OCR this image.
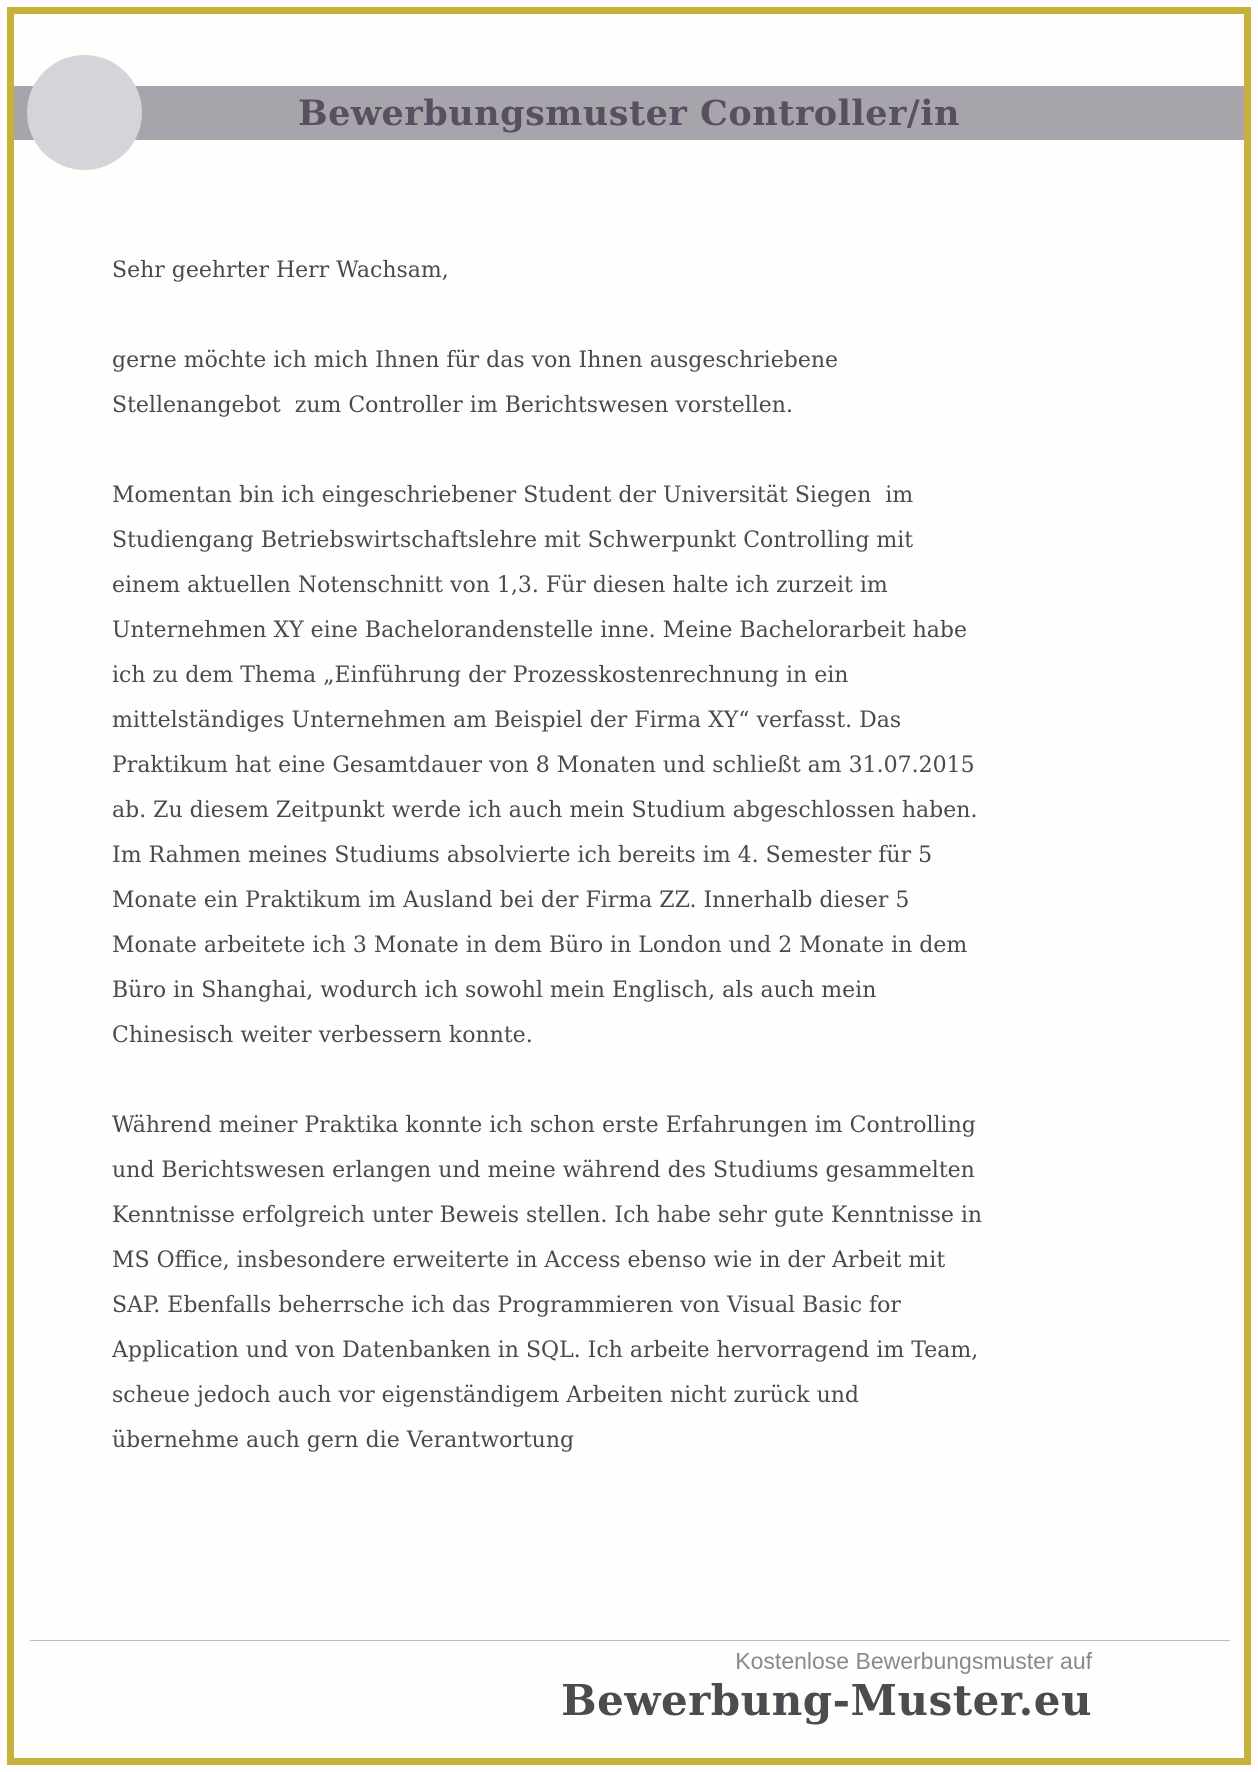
Bewerbungsmuster Controller/in

Sehr geehrter Herr Wachsam,

gerne möchte ich mich Ihnen für das von Ihnen ausgeschriebene Stellenangebot  zum Controller im Berichtswesen vorstellen.

Momentan bin ich eingeschriebener Student der Universität Siegen  im Studiengang Betriebswirtschaftslehre mit Schwerpunkt Controlling mit einem aktuellen Notenschnitt von 1,3. Für diesen halte ich zurzeit im Unternehmen XY eine Bachelorandenstelle inne. Meine Bachelorarbeit habe ich zu dem Thema „Einführung der Prozesskostenrechnung in ein mittelständiges Unternehmen am Beispiel der Firma XY“ verfasst. Das Praktikum hat eine Gesamtdauer von 8 Monaten und schließt am 31.07.2015 ab. Zu diesem Zeitpunkt werde ich auch mein Studium abgeschlossen haben.

Im Rahmen meines Studiums absolvierte ich bereits im 4. Semester für 5 Monate ein Praktikum im Ausland bei der Firma ZZ. Innerhalb dieser 5 Monate arbeitete ich 3 Monate in dem Büro in London und 2 Monate in dem Büro in Shanghai, wodurch ich sowohl mein Englisch, als auch mein Chinesisch weiter verbessern konnte.

Während meiner Praktika konnte ich schon erste Erfahrungen im Controlling und Berichtswesen erlangen und meine während des Studiums gesammelten Kenntnisse erfolgreich unter Beweis stellen. Ich habe sehr gute Kenntnisse in MS Office, insbesondere erweiterte in Access ebenso wie in der Arbeit mit SAP. Ebenfalls beherrsche ich das Programmieren von Visual Basic for Application und von Datenbanken in SQL. Ich arbeite hervorragend im Team, scheue jedoch auch vor eigenständigem Arbeiten nicht zurück und übernehme auch gern die Verantwortung

Kostenlose Bewerbungsmuster auf
Bewerbung-Muster.eu
